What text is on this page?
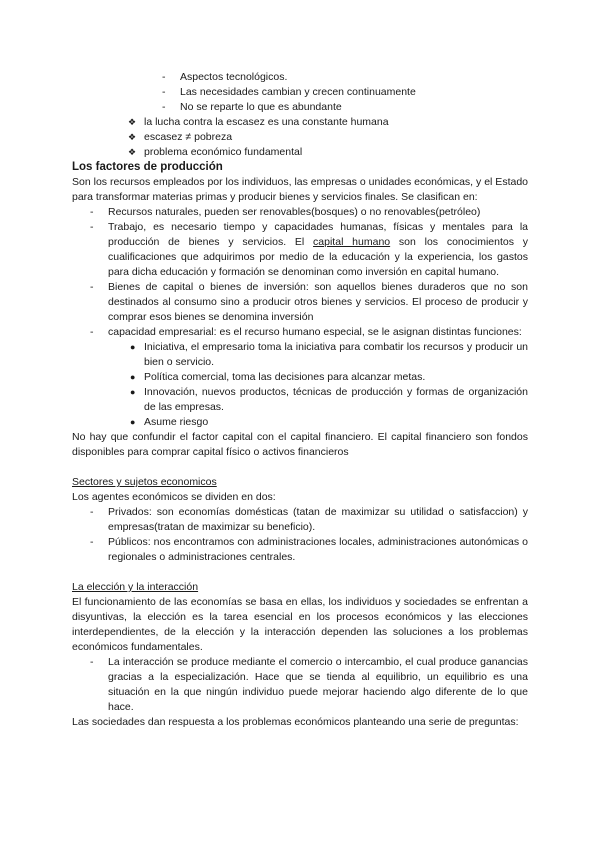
- Aspectos tecnológicos.
- Las necesidades cambian y crecen continuamente
- No se reparte lo que es abundante
❖ la lucha contra la escasez es una constante humana
❖ escasez ≠ pobreza
❖ problema económico fundamental

Los factores de producción

Son los recursos empleados por los individuos, las empresas o unidades económicas, y el Estado para transformar materias primas y producir bienes y servicios finales. Se clasifican en:

- Recursos naturales, pueden ser renovables(bosques) o no renovables(petróleo)
- Trabajo, es necesario tiempo y capacidades humanas, físicas y mentales para la producción de bienes y servicios. El capital humano son los conocimientos y cualificaciones que adquirimos por medio de la educación y la experiencia, los gastos para dicha educación y formación se denominan como inversión en capital humano.
- Bienes de capital o bienes de inversión: son aquellos bienes duraderos que no son destinados al consumo sino a producir otros bienes y servicios. El proceso de producir y comprar esos bienes se denomina inversión
- capacidad empresarial: es el recurso humano especial, se le asignan distintas funciones:
● Iniciativa, el empresario toma la iniciativa para combatir los recursos y producir un bien o servicio.
● Política comercial, toma las decisiones para alcanzar metas.
● Innovación, nuevos productos, técnicas de producción y formas de organización de las empresas.
● Asume riesgo

No hay que confundir el factor capital con el capital financiero. El capital financiero son fondos disponibles para comprar capital físico o activos financieros

Sectores y sujetos economicos

Los agentes económicos se dividen en dos:

- Privados: son economías domésticas (tatan de maximizar su utilidad o satisfaccion) y empresas(tratan de maximizar su beneficio).
- Públicos: nos encontramos con administraciones locales, administraciones autonómicas o regionales o administraciones centrales.

La elección y la interacción

El funcionamiento de las economías se basa en ellas, los individuos y sociedades se enfrentan a disyuntivas, la elección es la tarea esencial en los procesos económicos y las elecciones interdependientes, de la elección y la interacción dependen las soluciones a los problemas económicos fundamentales.

- La interacción se produce mediante el comercio o intercambio, el cual produce ganancias gracias a la especialización. Hace que se tienda al equilibrio, un equilibrio es una situación en la que ningún individuo puede mejorar haciendo algo diferente de lo que hace.

Las sociedades dan respuesta a los problemas económicos planteando una serie de preguntas:
